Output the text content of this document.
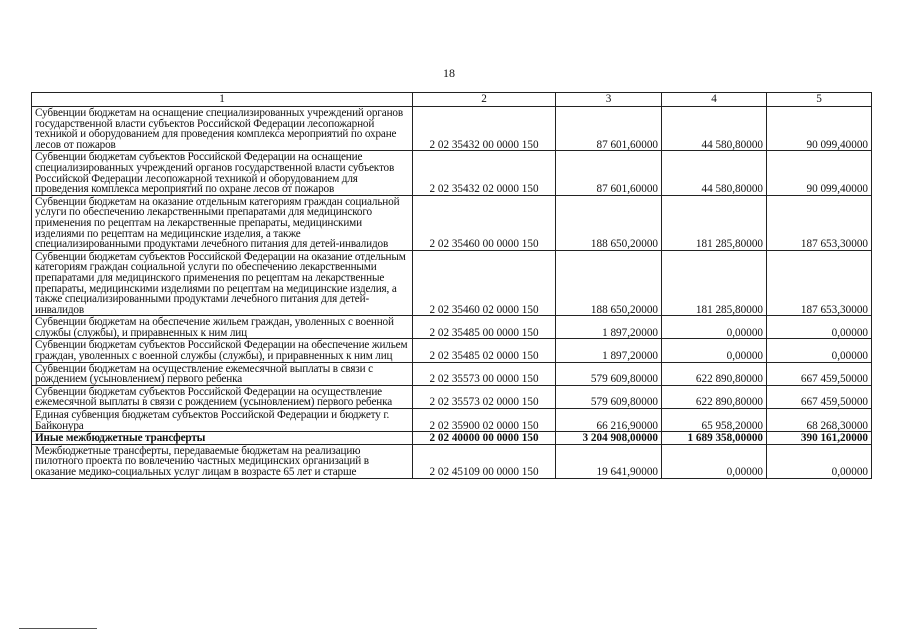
18
1	2	3	4	5
Субвенции бюджетам на оснащение специализированных учреждений органов государственной власти субъектов Российской Федерации лесопожарной техникой и оборудованием для проведения комплекса мероприятий по охране лесов от пожаров	2 02 35432 00 0000 150	87 601,60000	44 580,80000	90 099,40000
Субвенции бюджетам субъектов Российской Федерации на оснащение специализированных учреждений органов государственной власти субъектов Российской Федерации лесопожарной техникой и оборудованием для проведения комплекса мероприятий по охране лесов от пожаров	2 02 35432 02 0000 150	87 601,60000	44 580,80000	90 099,40000
Субвенции бюджетам на оказание отдельным категориям граждан социальной услуги по обеспечению лекарственными препаратами для медицинского применения по рецептам на лекарственные препараты, медицинскими изделиями по рецептам на медицинские изделия, а также специализированными продуктами лечебного питания для детей-инвалидов	2 02 35460 00 0000 150	188 650,20000	181 285,80000	187 653,30000
Субвенции бюджетам субъектов Российской Федерации на оказание отдельным категориям граждан социальной услуги по обеспечению лекарственными препаратами для медицинского применения по рецептам на лекарственные препараты, медицинскими изделиями по рецептам на медицинские изделия, а также специализированными продуктами лечебного питания для детей-инвалидов	2 02 35460 02 0000 150	188 650,20000	181 285,80000	187 653,30000
Субвенции бюджетам на обеспечение жильем граждан, уволенных с военной службы (службы), и приравненных к ним лиц	2 02 35485 00 0000 150	1 897,20000	0,00000	0,00000
Субвенции бюджетам субъектов Российской Федерации на обеспечение жильем граждан, уволенных с военной службы (службы), и приравненных к ним лиц	2 02 35485 02 0000 150	1 897,20000	0,00000	0,00000
Субвенции бюджетам на осуществление ежемесячной выплаты в связи с рождением (усыновлением) первого ребенка	2 02 35573 00 0000 150	579 609,80000	622 890,80000	667 459,50000
Субвенции бюджетам субъектов Российской Федерации на осуществление ежемесячной выплаты в связи с рождением (усыновлением) первого ребенка	2 02 35573 02 0000 150	579 609,80000	622 890,80000	667 459,50000
Единая субвенция бюджетам субъектов Российской Федерации и бюджету г. Байконура	2 02 35900 02 0000 150	66 216,90000	65 958,20000	68 268,30000
Иные межбюджетные трансферты	2 02 40000 00 0000 150	3 204 908,00000	1 689 358,00000	390 161,20000
Межбюджетные трансферты, передаваемые бюджетам на реализацию пилотного проекта по вовлечению частных медицинских организаций в оказание медико-социальных услуг лицам в возрасте 65 лет и старше	2 02 45109 00 0000 150	19 641,90000	0,00000	0,00000
